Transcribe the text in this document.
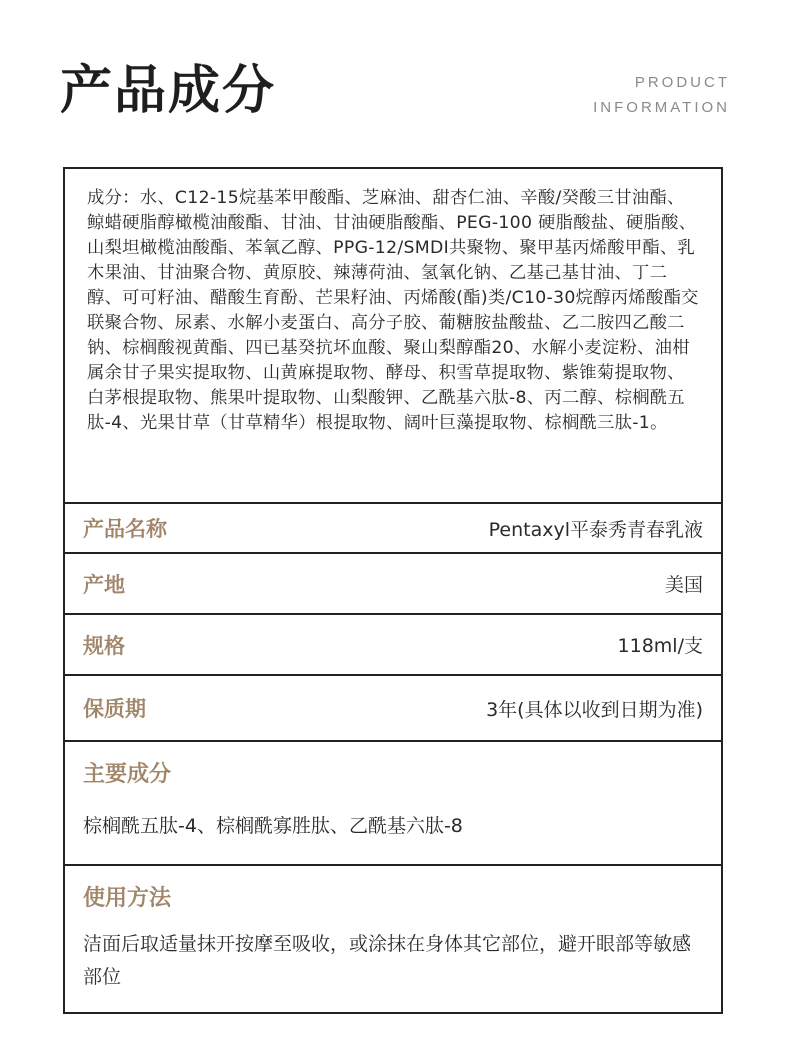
产品成分	PRODUCT
INFORMATION
成分：水、C12-15烷基苯甲酸酯、芝麻油、甜杏仁油、辛酸/癸酸三甘油酯、鲸蜡硬脂醇橄榄油酸酯、甘油、甘油硬脂酸酯、PEG-100 硬脂酸盐、硬脂酸、山梨坦橄榄油酸酯、苯氧乙醇、PPG-12/SMDI共聚物、聚甲基丙烯酸甲酯、乳木果油、甘油聚合物、黄原胶、辣薄荷油、氢氧化钠、乙基己基甘油、丁二醇、可可籽油、醋酸生育酚、芒果籽油、丙烯酸(酯)类/C10-30烷醇丙烯酸酯交联聚合物、尿素、水解小麦蛋白、高分子胶、葡糖胺盐酸盐、乙二胺四乙酸二钠、棕榈酸视黄酯、四已基癸抗坏血酸、聚山梨醇酯20、水解小麦淀粉、油柑属余甘子果实提取物、山黄麻提取物、酵母、积雪草提取物、紫锥菊提取物、白茅根提取物、熊果叶提取物、山梨酸钾、乙酰基六肽-8、丙二醇、棕榈酰五肽-4、光果甘草（甘草精华）根提取物、阔叶巨藻提取物、棕榈酰三肽-1。
产品名称	Pentaxyl平泰秀青春乳液
产地	美国
规格	118ml/支
保质期	3年(具体以收到日期为准)
主要成分
棕榈酰五肽-4、棕榈酰寡胜肽、乙酰基六肽-8
使用方法
洁面后取适量抹开按摩至吸收，或涂抹在身体其它部位，避开眼部等敏感部位
